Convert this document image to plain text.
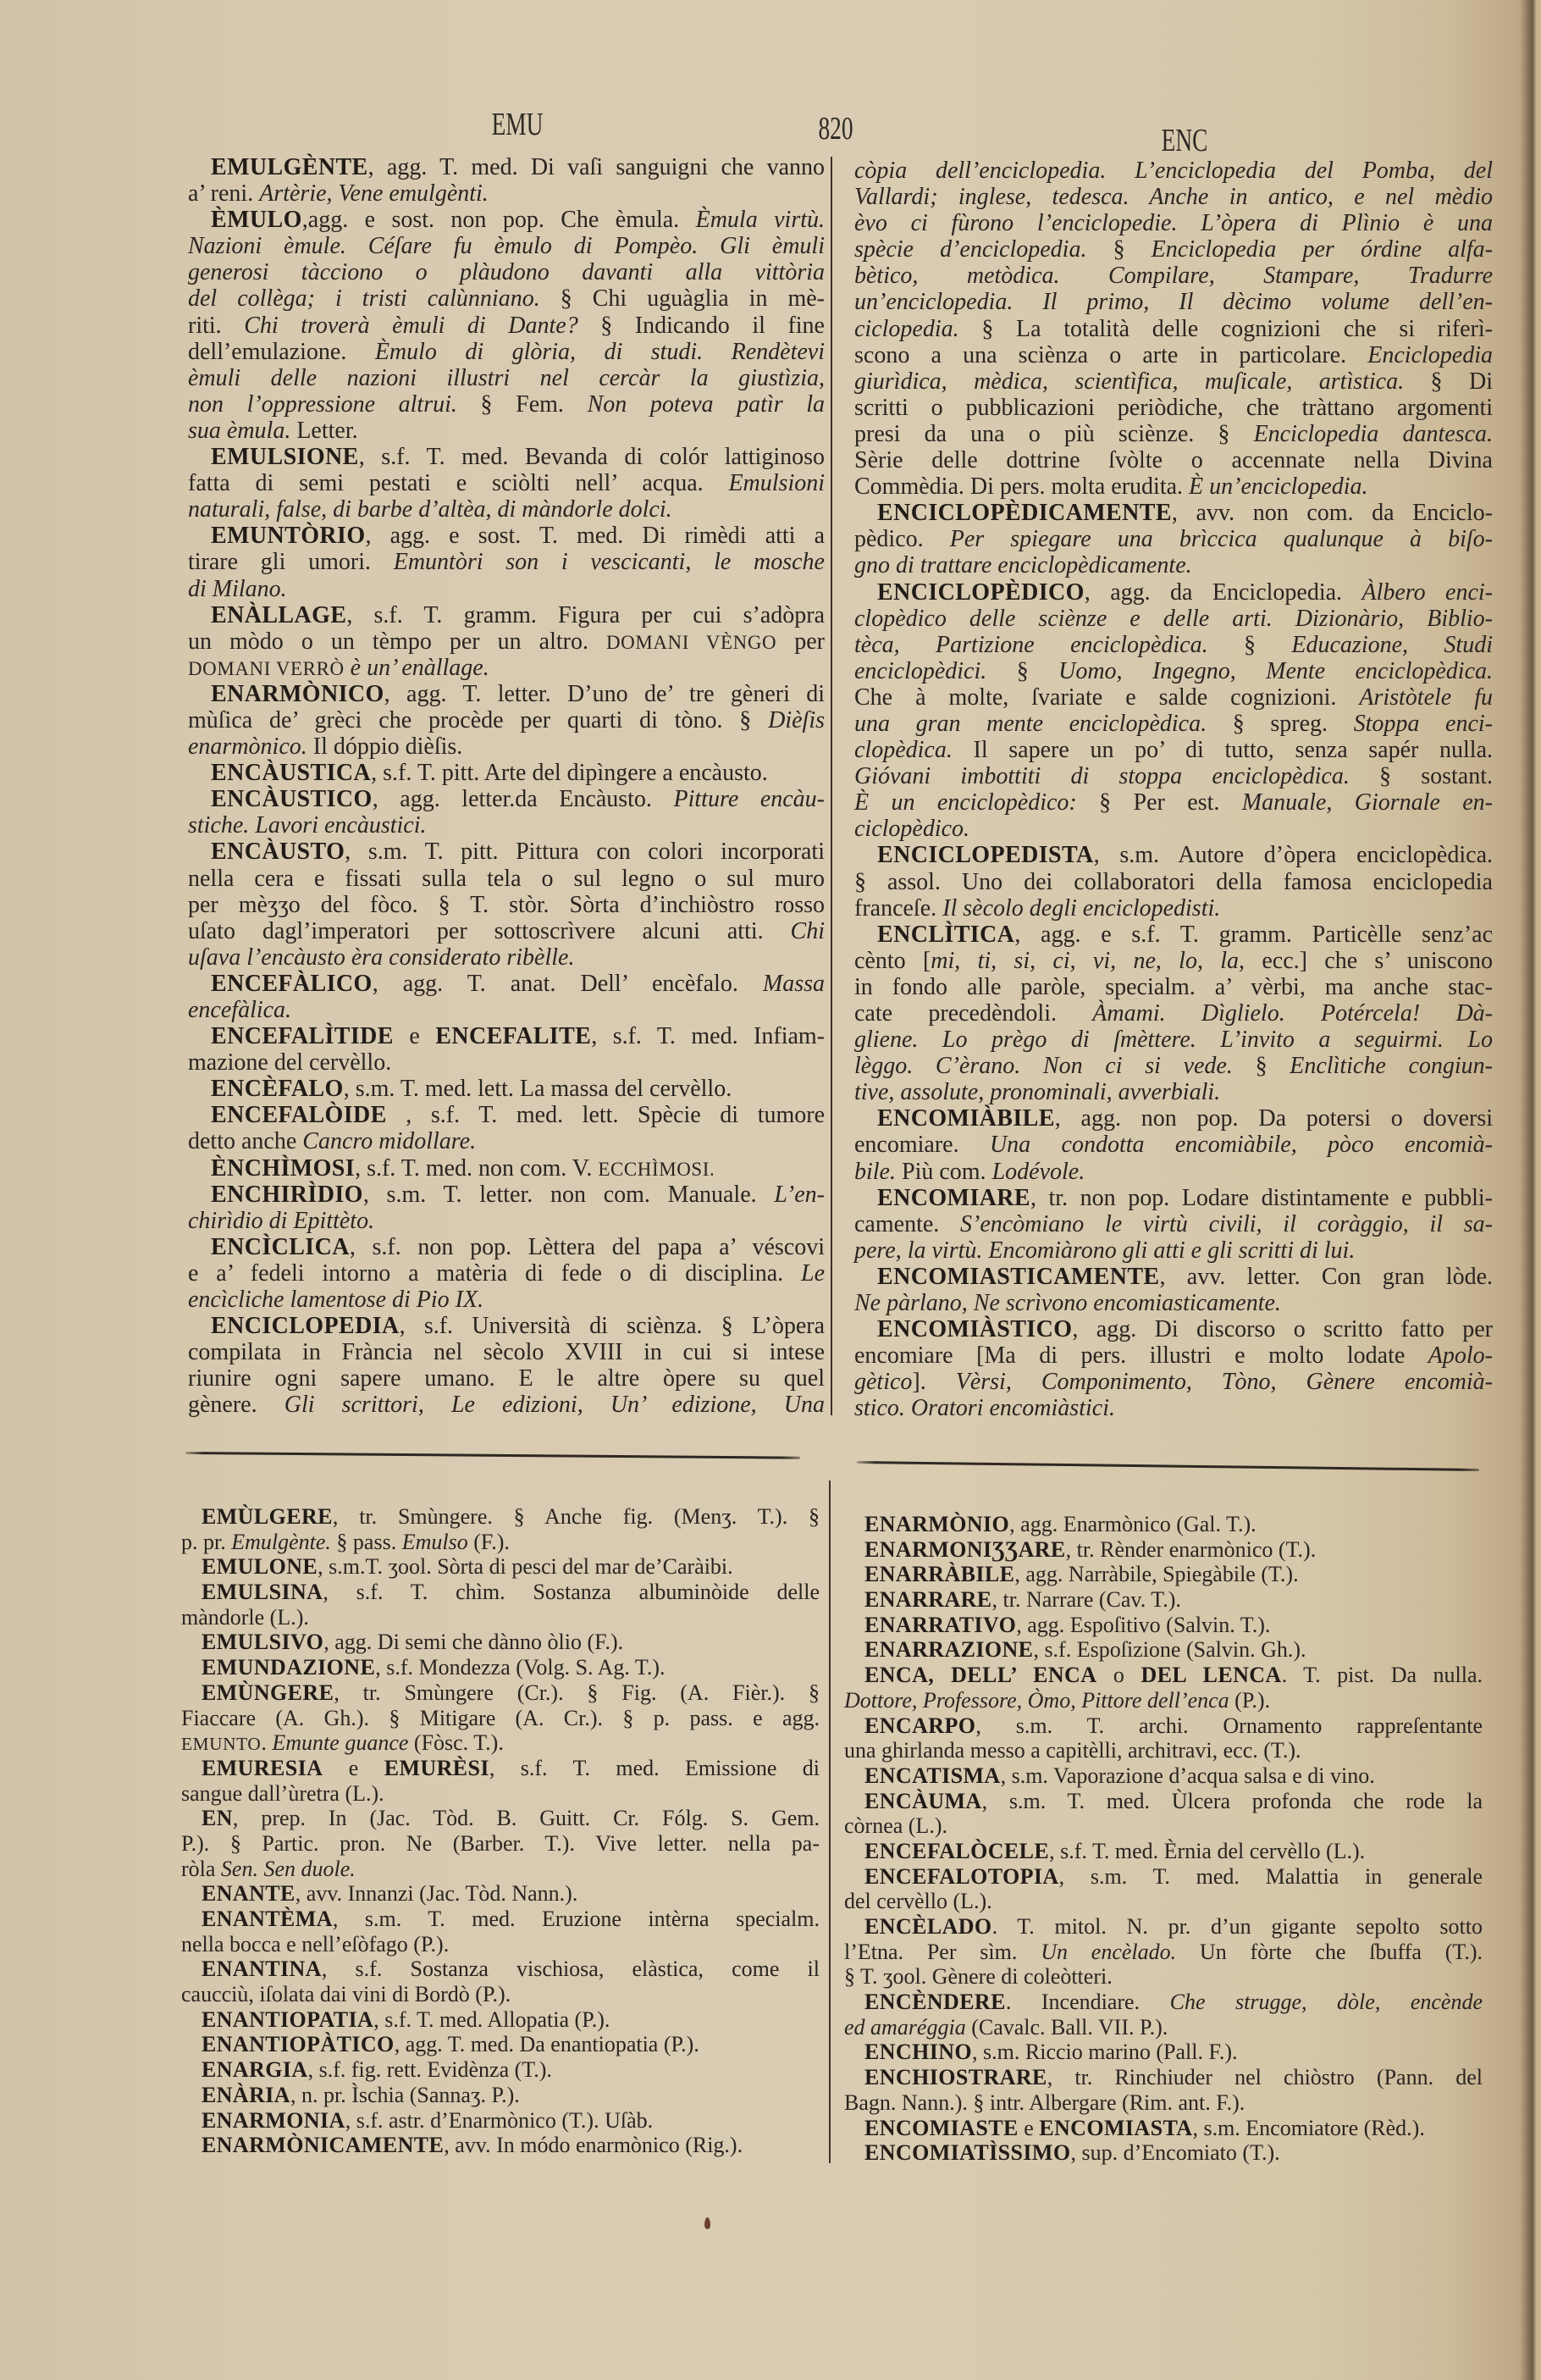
EMU	820	ENC
EMULGÈNTE, agg. T. med. Di vaſi sanguigni che vanno
a’ reni. Artèrie, Vene emulgènti.
ÈMULO,agg. e sost. non pop. Che èmula. Èmula virtù.
Nazioni èmule. Céſare fu èmulo di Pompèo. Gli èmuli
generosi tàcciono o plàudono davanti alla vittòria
del collèga; i tristi calùnniano. § Chi uguàglia in mè-
riti. Chi troverà èmuli di Dante? § Indicando il fine
dell’emulazione. Èmulo di glòria, di studi. Rendètevi
èmuli delle nazioni illustri nel cercàr la giustìzia,
non l’oppressione altrui. § Fem. Non poteva patìr la
sua èmula. Letter.
EMULSIONE, s.f. T. med. Bevanda di colór lattiginoso
fatta di semi pestati e sciòlti nell’ acqua. Emulsioni
naturali, false, di barbe d’altèa, di màndorle dolci.
EMUNTÒRIO, agg. e sost. T. med. Di rimèdi atti a
tirare gli umori. Emuntòri son i vescicanti, le mosche
di Milano.
ENÀLLAGE, s.f. T. gramm. Figura per cui s’adòpra
un mòdo o un tèmpo per un altro. DOMANI VÈNGO per
DOMANI VERRÒ è un’ enàllage.
ENARMÒNICO, agg. T. letter. D’uno de’ tre gèneri di
mùſica de’ grèci che procède per quarti di tòno. § Dièſis
enarmònico. Il dóppio dièſis.
ENCÀUSTICA, s.f. T. pitt. Arte del dipìngere a encàusto.
ENCÀUSTICO, agg. letter.da Encàusto. Pitture encàu-
stiche. Lavori encàustici.
ENCÀUSTO, s.m. T. pitt. Pittura con colori incorporati
nella cera e fissati sulla tela o sul legno o sul muro
per mèʒʒo del fòco. § T. stòr. Sòrta d’inchiòstro rosso
uſato dagl’imperatori per sottoscrìvere alcuni atti. Chi
uſava l’encàusto èra considerato ribèlle.
ENCEFÀLICO, agg. T. anat. Dell’ encèfalo. Massa
encefàlica.
ENCEFALÌTIDE e ENCEFALITE, s.f. T. med. Infiam-
mazione del cervèllo.
ENCÈFALO, s.m. T. med. lett. La massa del cervèllo.
ENCEFALÒIDE , s.f. T. med. lett. Spècie di tumore
detto anche Cancro midollare.
ÈNCHÌMOSI, s.f. T. med. non com. V. ECCHÌMOSI.
ENCHIRÌDIO, s.m. T. letter. non com. Manuale. L’en-
chirìdio di Epittèto.
ENCÌCLICA, s.f. non pop. Lèttera del papa a’ véscovi
e a’ fedeli intorno a matèria di fede o di disciplina. Le
encìcliche lamentose di Pio IX.
ENCICLOPEDIA, s.f. Università di sciènza. § L’òpera
compilata in Frància nel sècolo XVIII in cui si intese
riunire ogni sapere umano. E le altre òpere su quel
gènere. Gli scrittori, Le edizioni, Un’ edizione, Una
còpia dell’enciclopedia. L’enciclopedia del Pomba, del
Vallardi; inglese, tedesca. Anche in antico, e nel mèdio
èvo ci fùrono l’enciclopedie. L’òpera di Plìnio è una
spècie d’enciclopedia. § Enciclopedia per órdine alfa-
bètico, metòdica. Compilare, Stampare, Tradurre
un’enciclopedia. Il primo, Il dècimo volume dell’en-
ciclopedia. § La totalità delle cognizioni che si riferì-
scono a una sciènza o arte in particolare. Enciclopedia
giurìdica, mèdica, scientìfica, muſicale, artìstica. § Di
scritti o pubblicazioni periòdiche, che tràttano argomenti
presi da una o più sciènze. § Enciclopedia dantesca.
Sèrie delle dottrine ſvòlte o accennate nella Divina
Commèdia. Di pers. molta erudita. È un’enciclopedia.
ENCICLOPÈDICAMENTE, avv. non com. da Enciclo-
pèdico. Per spiegare una brìccica qualunque à biſo-
gno di trattare enciclopèdicamente.
ENCICLOPÈDICO, agg. da Enciclopedia. Àlbero enci-
clopèdico delle sciènze e delle arti. Dizionàrio, Biblio-
tèca, Partizione enciclopèdica. § Educazione, Studi
enciclopèdici. § Uomo, Ingegno, Mente enciclopèdica.
Che à molte, ſvariate e salde cognizioni. Aristòtele fu
una gran mente enciclopèdica. § spreg. Stoppa enci-
clopèdica. Il sapere un po’ di tutto, senza sapér nulla.
Gióvani imbottiti di stoppa enciclopèdica. § sostant.
È un enciclopèdico: § Per est. Manuale, Giornale en-
ciclopèdico.
ENCICLOPEDISTA, s.m. Autore d’òpera enciclopèdica.
§ assol. Uno dei collaboratori della famosa enciclopedia
franceſe. Il sècolo degli enciclopedisti.
ENCLÌTICA, agg. e s.f. T. gramm. Particèlle senz’ac
cènto [mi, ti, si, ci, vi, ne, lo, la, ecc.] che s’ uniscono
in fondo alle paròle, specialm. a’ vèrbi, ma anche stac-
cate precedèndoli. Àmami. Dìglielo. Potércela! Dà-
gliene. Lo prègo di ſmèttere. L’invito a seguirmi. Lo
lèggo. C’èrano. Non ci si vede. § Enclìtiche congiun-
tive, assolute, pronominali, avverbiali.
ENCOMIÀBILE, agg. non pop. Da potersi o doversi
encomiare. Una condotta encomiàbile, pòco encomià-
bile. Più com. Lodévole.
ENCOMIARE, tr. non pop. Lodare distintamente e pubbli-
camente. S’encòmiano le virtù civili, il coràggio, il sa-
pere, la virtù. Encomiàrono gli atti e gli scritti di lui.
ENCOMIASTICAMENTE, avv. letter. Con gran lòde.
Ne pàrlano, Ne scrìvono encomiasticamente.
ENCOMIÀSTICO, agg. Di discorso o scritto fatto per
encomiare [Ma di pers. illustri e molto lodate Apolo-
gètico]. Vèrsi, Componimento, Tòno, Gènere encomià-
stico. Oratori encomiàstici.
EMÙLGERE, tr. Smùngere. § Anche fig. (Menʒ. T.). §
p. pr. Emulgènte. § pass. Emulso (F.).
EMULONE, s.m.T. ʒool. Sòrta di pesci del mar de’Caràibi.
EMULSINA, s.f. T. chìm. Sostanza albuminòide delle
màndorle (L.).
EMULSIVO, agg. Di semi che dànno òlio (F.).
EMUNDAZIONE, s.f. Mondezza (Volg. S. Ag. T.).
EMÙNGERE, tr. Smùngere (Cr.). § Fig. (A. Fièr.). §
Fiaccare (A. Gh.). § Mitigare (A. Cr.). § p. pass. e agg.
EMUNTO. Emunte guance (Fòsc. T.).
EMURESIA e EMURÈSI, s.f. T. med. Emissione di
sangue dall’ùretra (L.).
EN, prep. In (Jac. Tòd. B. Guitt. Cr. Fólg. S. Gem.
P.). § Partic. pron. Ne (Barber. T.). Vive letter. nella pa-
ròla Sen. Sen duole.
ENANTE, avv. Innanzi (Jac. Tòd. Nann.).
ENANTÈMA, s.m. T. med. Eruzione intèrna specialm.
nella bocca e nell’eſòfago (P.).
ENANTINA, s.f. Sostanza vischiosa, elàstica, come il
caucciù, iſolata dai vini di Bordò (P.).
ENANTIOPATIA, s.f. T. med. Allopatia (P.).
ENANTIOPÀTICO, agg. T. med. Da enantiopatia (P.).
ENARGIA, s.f. fig. rett. Evidènza (T.).
ENÀRIA, n. pr. Ìschia (Sannaʒ. P.).
ENARMONIA, s.f. astr. d’Enarmònico (T.). Uſàb.
ENARMÒNICAMENTE, avv. In módo enarmònico (Rig.).
ENARMÒNIO, agg. Enarmònico (Gal. T.).
ENARMONIƷƷARE, tr. Rènder enarmònico (T.).
ENARRÀBILE, agg. Narràbile, Spiegàbile (T.).
ENARRARE, tr. Narrare (Cav. T.).
ENARRATIVO, agg. Espoſitivo (Salvin. T.).
ENARRAZIONE, s.f. Espoſizione (Salvin. Gh.).
ENCA, DELL’ ENCA o DEL LENCA. T. pist. Da nulla.
Dottore, Professore, Òmo, Pittore dell’enca (P.).
ENCARPO, s.m. T. archi. Ornamento rappreſentante
una ghirlanda messo a capitèlli, architravi, ecc. (T.).
ENCATISMA, s.m. Vaporazione d’acqua salsa e di vino.
ENCÀUMA, s.m. T. med. Ùlcera profonda che rode la
còrnea (L.).
ENCEFALÒCELE, s.f. T. med. Èrnia del cervèllo (L.).
ENCEFALOTOPIA, s.m. T. med. Malattia in generale
del cervèllo (L.).
ENCÈLADO. T. mitol. N. pr. d’un gigante sepolto sotto
l’Etna. Per sìm. Un encèlado. Un fòrte che ſbuffa (T.).
§ T. ʒool. Gènere di coleòtteri.
ENCÈNDERE. Incendiare. Che strugge, dòle, encènde
ed amaréggia (Cavalc. Ball. VII. P.).
ENCHINO, s.m. Riccio marino (Pall. F.).
ENCHIOSTRARE, tr. Rinchiuder nel chiòstro (Pann. del
Bagn. Nann.). § intr. Albergare (Rim. ant. F.).
ENCOMIASTE e ENCOMIASTA, s.m. Encomiatore (Rèd.).
ENCOMIATÌSSIMO, sup. d’Encomiato (T.).
